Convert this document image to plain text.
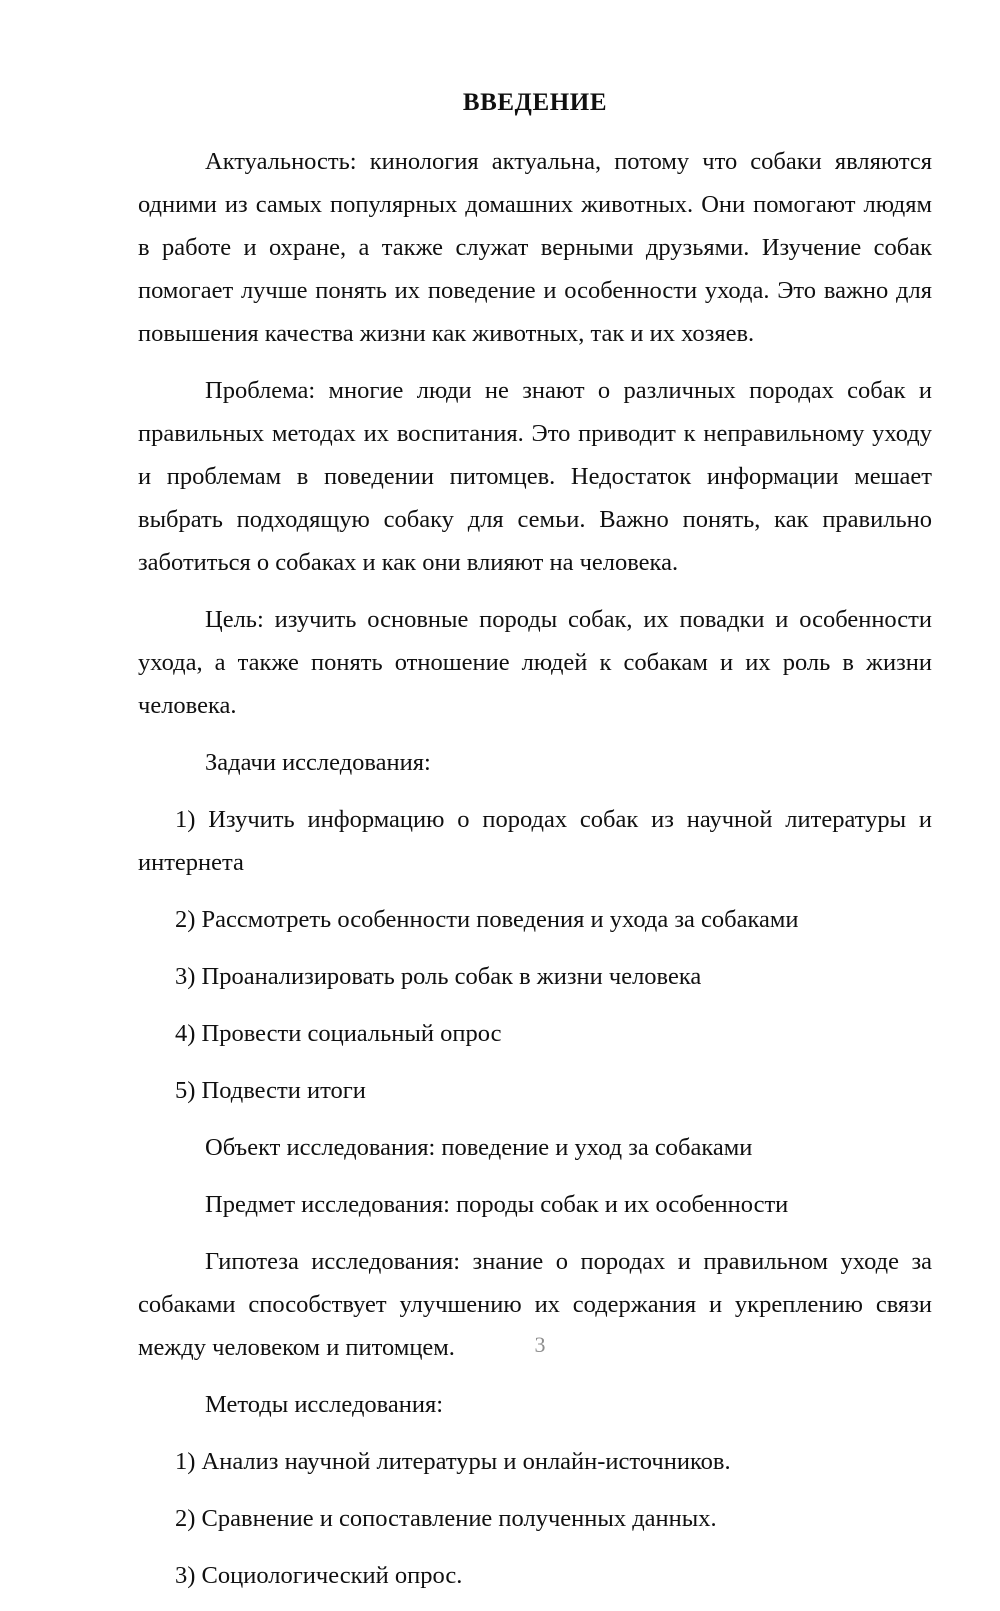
ВВЕДЕНИЕ

Актуальность: кинология актуальна, потому что собаки являются одними из самых популярных домашних животных. Они помогают людям в работе и охране, а также служат верными друзьями. Изучение собак помогает лучше понять их поведение и особенности ухода. Это важно для повышения качества жизни как животных, так и их хозяев.

Проблема: многие люди не знают о различных породах собак и правильных методах их воспитания. Это приводит к неправильному уходу и проблемам в поведении питомцев. Недостаток информации мешает выбрать подходящую собаку для семьи. Важно понять, как правильно заботиться о собаках и как они влияют на человека.

Цель: изучить основные породы собак, их повадки и особенности ухода, а также понять отношение людей к собакам и их роль в жизни человека.

Задачи исследования:

1) Изучить информацию о породах собак из научной литературы и интернета

2) Рассмотреть особенности поведения и ухода за собаками

3) Проанализировать роль собак в жизни человека

4) Провести социальный опрос

5) Подвести итоги

Объект исследования: поведение и уход за собаками

Предмет исследования: породы собак и их особенности

Гипотеза исследования: знание о породах и правильном уходе за собаками способствует улучшению их содержания и укреплению связи между человеком и питомцем.

Методы исследования:

1) Анализ научной литературы и онлайн-источников.

2) Сравнение и сопоставление полученных данных.

3) Социологический опрос.

3
